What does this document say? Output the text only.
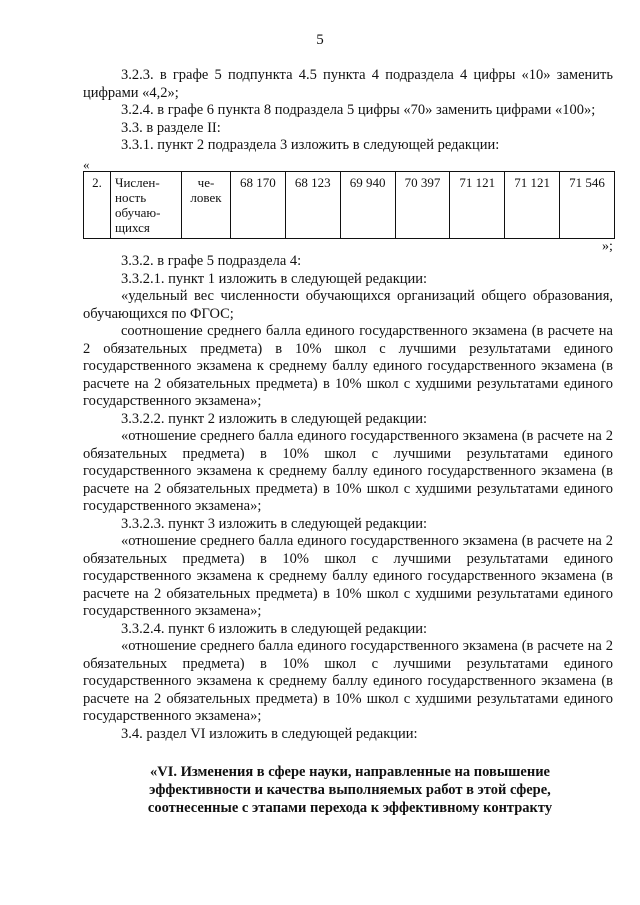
5

3.2.3. в графе 5 подпункта 4.5 пункта 4 подраздела 4 цифры «10» заменить цифрами «4,2»;

3.2.4. в графе 6 пункта 8 подраздела 5 цифры «70» заменить цифрами «100»;

3.3. в разделе II:

3.3.1. пункт 2 подраздела 3 изложить в следующей редакции:

«
2.	Числен-ность обучаю-щихся	че-ловек	68 170	68 123	69 940	70 397	71 121	71 121	71 546
»;

3.3.2. в графе 5 подраздела 4:

3.3.2.1. пункт 1 изложить в следующей редакции:

«удельный вес численности обучающихся организаций общего образования, обучающихся по ФГОС;

соотношение среднего балла единого государственного экзамена (в расчете на 2 обязательных предмета) в 10% школ с лучшими результатами единого государственного экзамена к среднему баллу единого государственного экзамена (в расчете на 2 обязательных предмета) в 10% школ с худшими результатами единого государственного экзамена»;

3.3.2.2. пункт 2 изложить в следующей редакции:

«отношение среднего балла единого государственного экзамена (в расчете на 2 обязательных предмета) в 10% школ с лучшими результатами единого государственного экзамена к среднему баллу единого государственного экзамена (в расчете на 2 обязательных предмета) в 10% школ с худшими результатами единого государственного экзамена»;

3.3.2.3. пункт 3 изложить в следующей редакции:

«отношение среднего балла единого государственного экзамена (в расчете на 2 обязательных предмета) в 10% школ с лучшими результатами единого государственного экзамена к среднему баллу единого государственного экзамена (в расчете на 2 обязательных предмета) в 10% школ с худшими результатами единого государственного экзамена»;

3.3.2.4. пункт 6 изложить в следующей редакции:

«отношение среднего балла единого государственного экзамена (в расчете на 2 обязательных предмета) в 10% школ с лучшими результатами единого государственного экзамена к среднему баллу единого государственного экзамена (в расчете на 2 обязательных предмета) в 10% школ с худшими результатами единого государственного экзамена»;

3.4. раздел VI изложить в следующей редакции:

«VI. Изменения в сфере науки, направленные на повышение
эффективности и качества выполняемых работ в этой сфере,
соотнесенные с этапами перехода к эффективному контракту
